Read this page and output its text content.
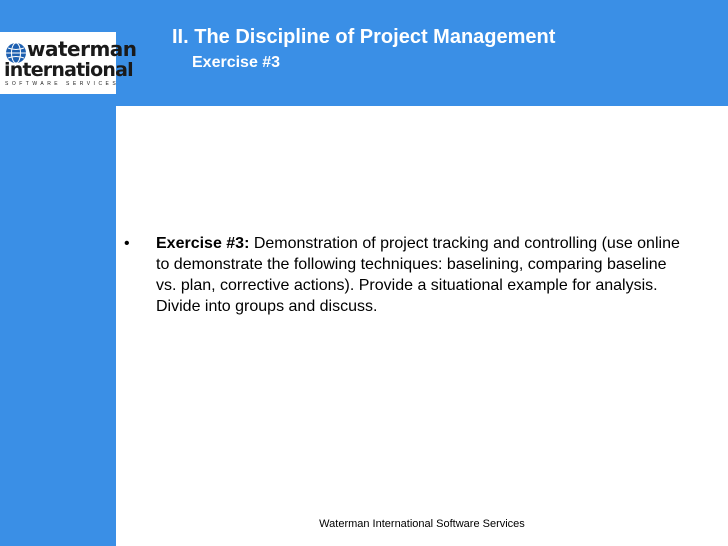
II. The Discipline of Project Management
Exercise #3
waterman
international
SOFTWARE SERVICES
• Exercise #3: Demonstration of project tracking and controlling (use online to demonstrate the following techniques: baselining, comparing baseline vs. plan, corrective actions). Provide a situational example for analysis. Divide into groups and discuss.
Waterman International Software Services
